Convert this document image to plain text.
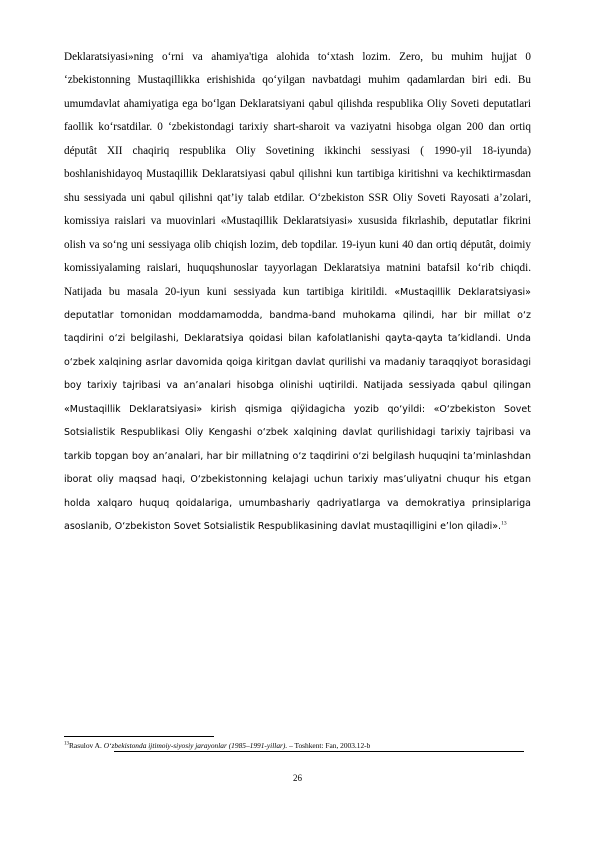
Deklaratsiyasi»ning o‘rni va ahamiya'tiga alohida to‘xtash lozim. Zero, bu muhim hujjat 0 ‘zbekistonning Mustaqillikka erishishida qo‘yilgan navbatdagi muhim qadamlardan biri edi. Bu umumdavlat ahamiyatiga ega bo‘lgan Deklaratsiyani qabul qilishda respublika Oliy Soveti deputatlari faollik ko‘rsatdilar. 0 ‘zbekistondagi tarixiy shart-sharoit va vaziyatni hisobga olgan 200 dan ortiq députât XII chaqiriq respublika Oliy Sovetining ikkinchi sessiyasi ( 1990-yil 18-iyunda) boshlanishidayoq Mustaqillik Deklaratsiyasi qabul qilishni kun tartibiga kiritishni va kechiktirmasdan shu sessiyada uni qabul qilishni qat’iy talab etdilar. O‘zbekiston SSR Oliy Soveti Rayosati a’zolari, komissiya raislari va muovinlari «Mustaqillik Deklaratsiyasi» xususida fikrlashib, deputatlar fikrini olish va so‘ng uni sessiyaga olib chiqish lozim, deb topdilar. 19-iyun kuni 40 dan ortiq députât, doimiy komissiyalaming raislari, huquqshunoslar tayyorlagan Deklaratsiya matnini batafsil ko‘rib chiqdi. Natijada bu masala 20-iyun kuni sessiyada kun tartibiga kiritildi. «Mustaqillik Deklaratsiyasi» deputatlar tomonidan moddamamodda, bandma-band muhokama qilindi, har bir millat o‘z taqdirini o‘zi belgilashi, Deklaratsiya qoidasi bilan kafolatlanishi qayta-qayta ta’kidlandi. Unda o‘zbek xalqining asrlar davomida qoiga kiritgan davlat qurilishi va madaniy taraqqiyot borasidagi boy tarixiy tajribasi va an’analari hisobga olinishi uqtirildi. Natijada sessiyada qabul qilingan «Mustaqillik Deklaratsiyasi» kirish qismiga qiÿidagicha yozib qo‘yildi: «O‘zbekiston Sovet Sotsialistik Respublikasi Oliy Kengashi o‘zbek xalqining davlat qurilishidagi tarixiy tajribasi va tarkib topgan boy an’analari, har bir millatning o‘z taqdirini o‘zi belgilash huquqini ta’minlashdan iborat oliy maqsad haqi, O‘zbekistonning kelajagi uchun tarixiy mas’uliyatni chuqur his etgan holda xalqaro huquq qoidalariga, umumbashariy qadriyatlarga va demokratiya prinsiplariga asoslanib, O‘zbekiston Sovet Sotsialistik Respublikasining davlat mustaqilligini e’lon qiladi».$^{13}$

$^{13}$Rasulov A. O‘zbekistonda ijtimoiy-siyosiy jarayonlar (1985–1991-yillar). – Toshkent: Fan, 2003.12-b
26
